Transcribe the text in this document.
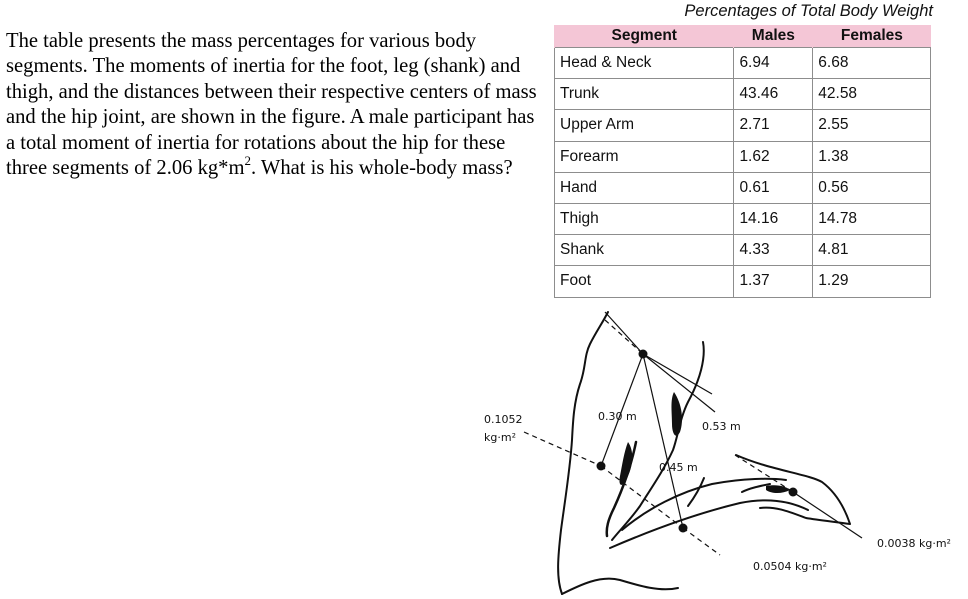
The table presents the mass percentages for various body segments. The moments of inertia for the foot, leg (shank) and thigh, and the distances between their respective centers of mass and the hip joint, are shown in the figure. A male participant has a total moment of inertia for rotations about the hip for these three segments of 2.06 $kg*m^2$. What is his whole-body mass?
Percentages of Total Body Weight
Segment	Males	Females
Head & Neck	6.94	6.68
Trunk	43.46	42.58
Upper Arm	2.71	2.55
Forearm	1.62	1.38
Hand	0.61	0.56
Thigh	14.16	14.78
Shank	4.33	4.81
Foot	1.37	1.29
0.1052
kg·m²
0.30 m
0.45 m
0.53 m
0.0504 kg·m²
0.0038 kg·m²
